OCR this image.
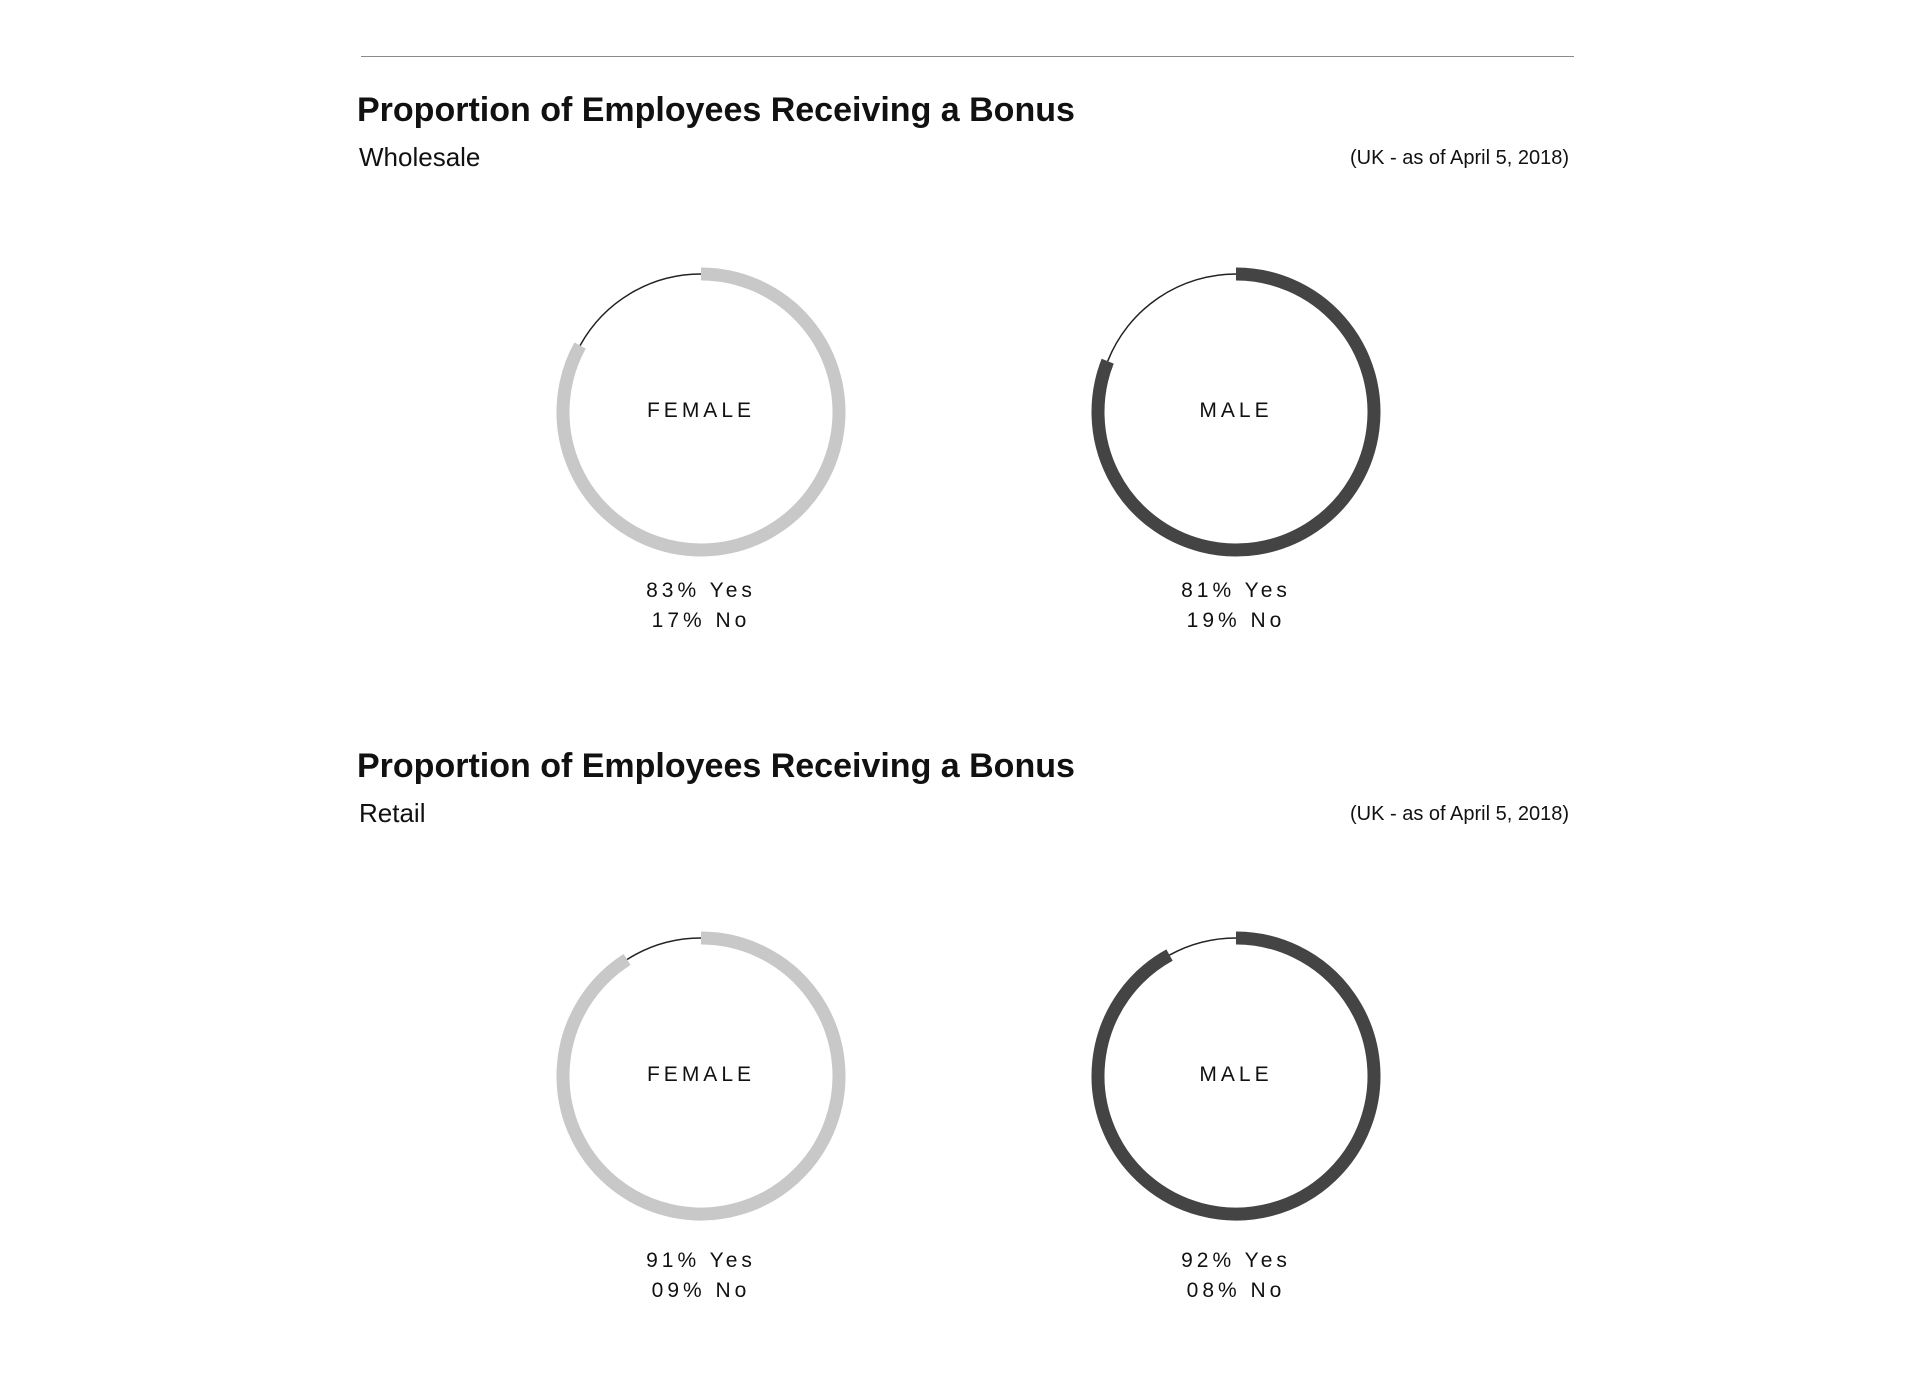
Proportion of Employees Receiving a Bonus
Wholesale	(UK - as of April 5, 2018)
FEMALE
83% Yes
17% No
MALE
81% Yes
19% No
Proportion of Employees Receiving a Bonus
Retail	(UK - as of April 5, 2018)
FEMALE
91% Yes
09% No
MALE
92% Yes
08% No
